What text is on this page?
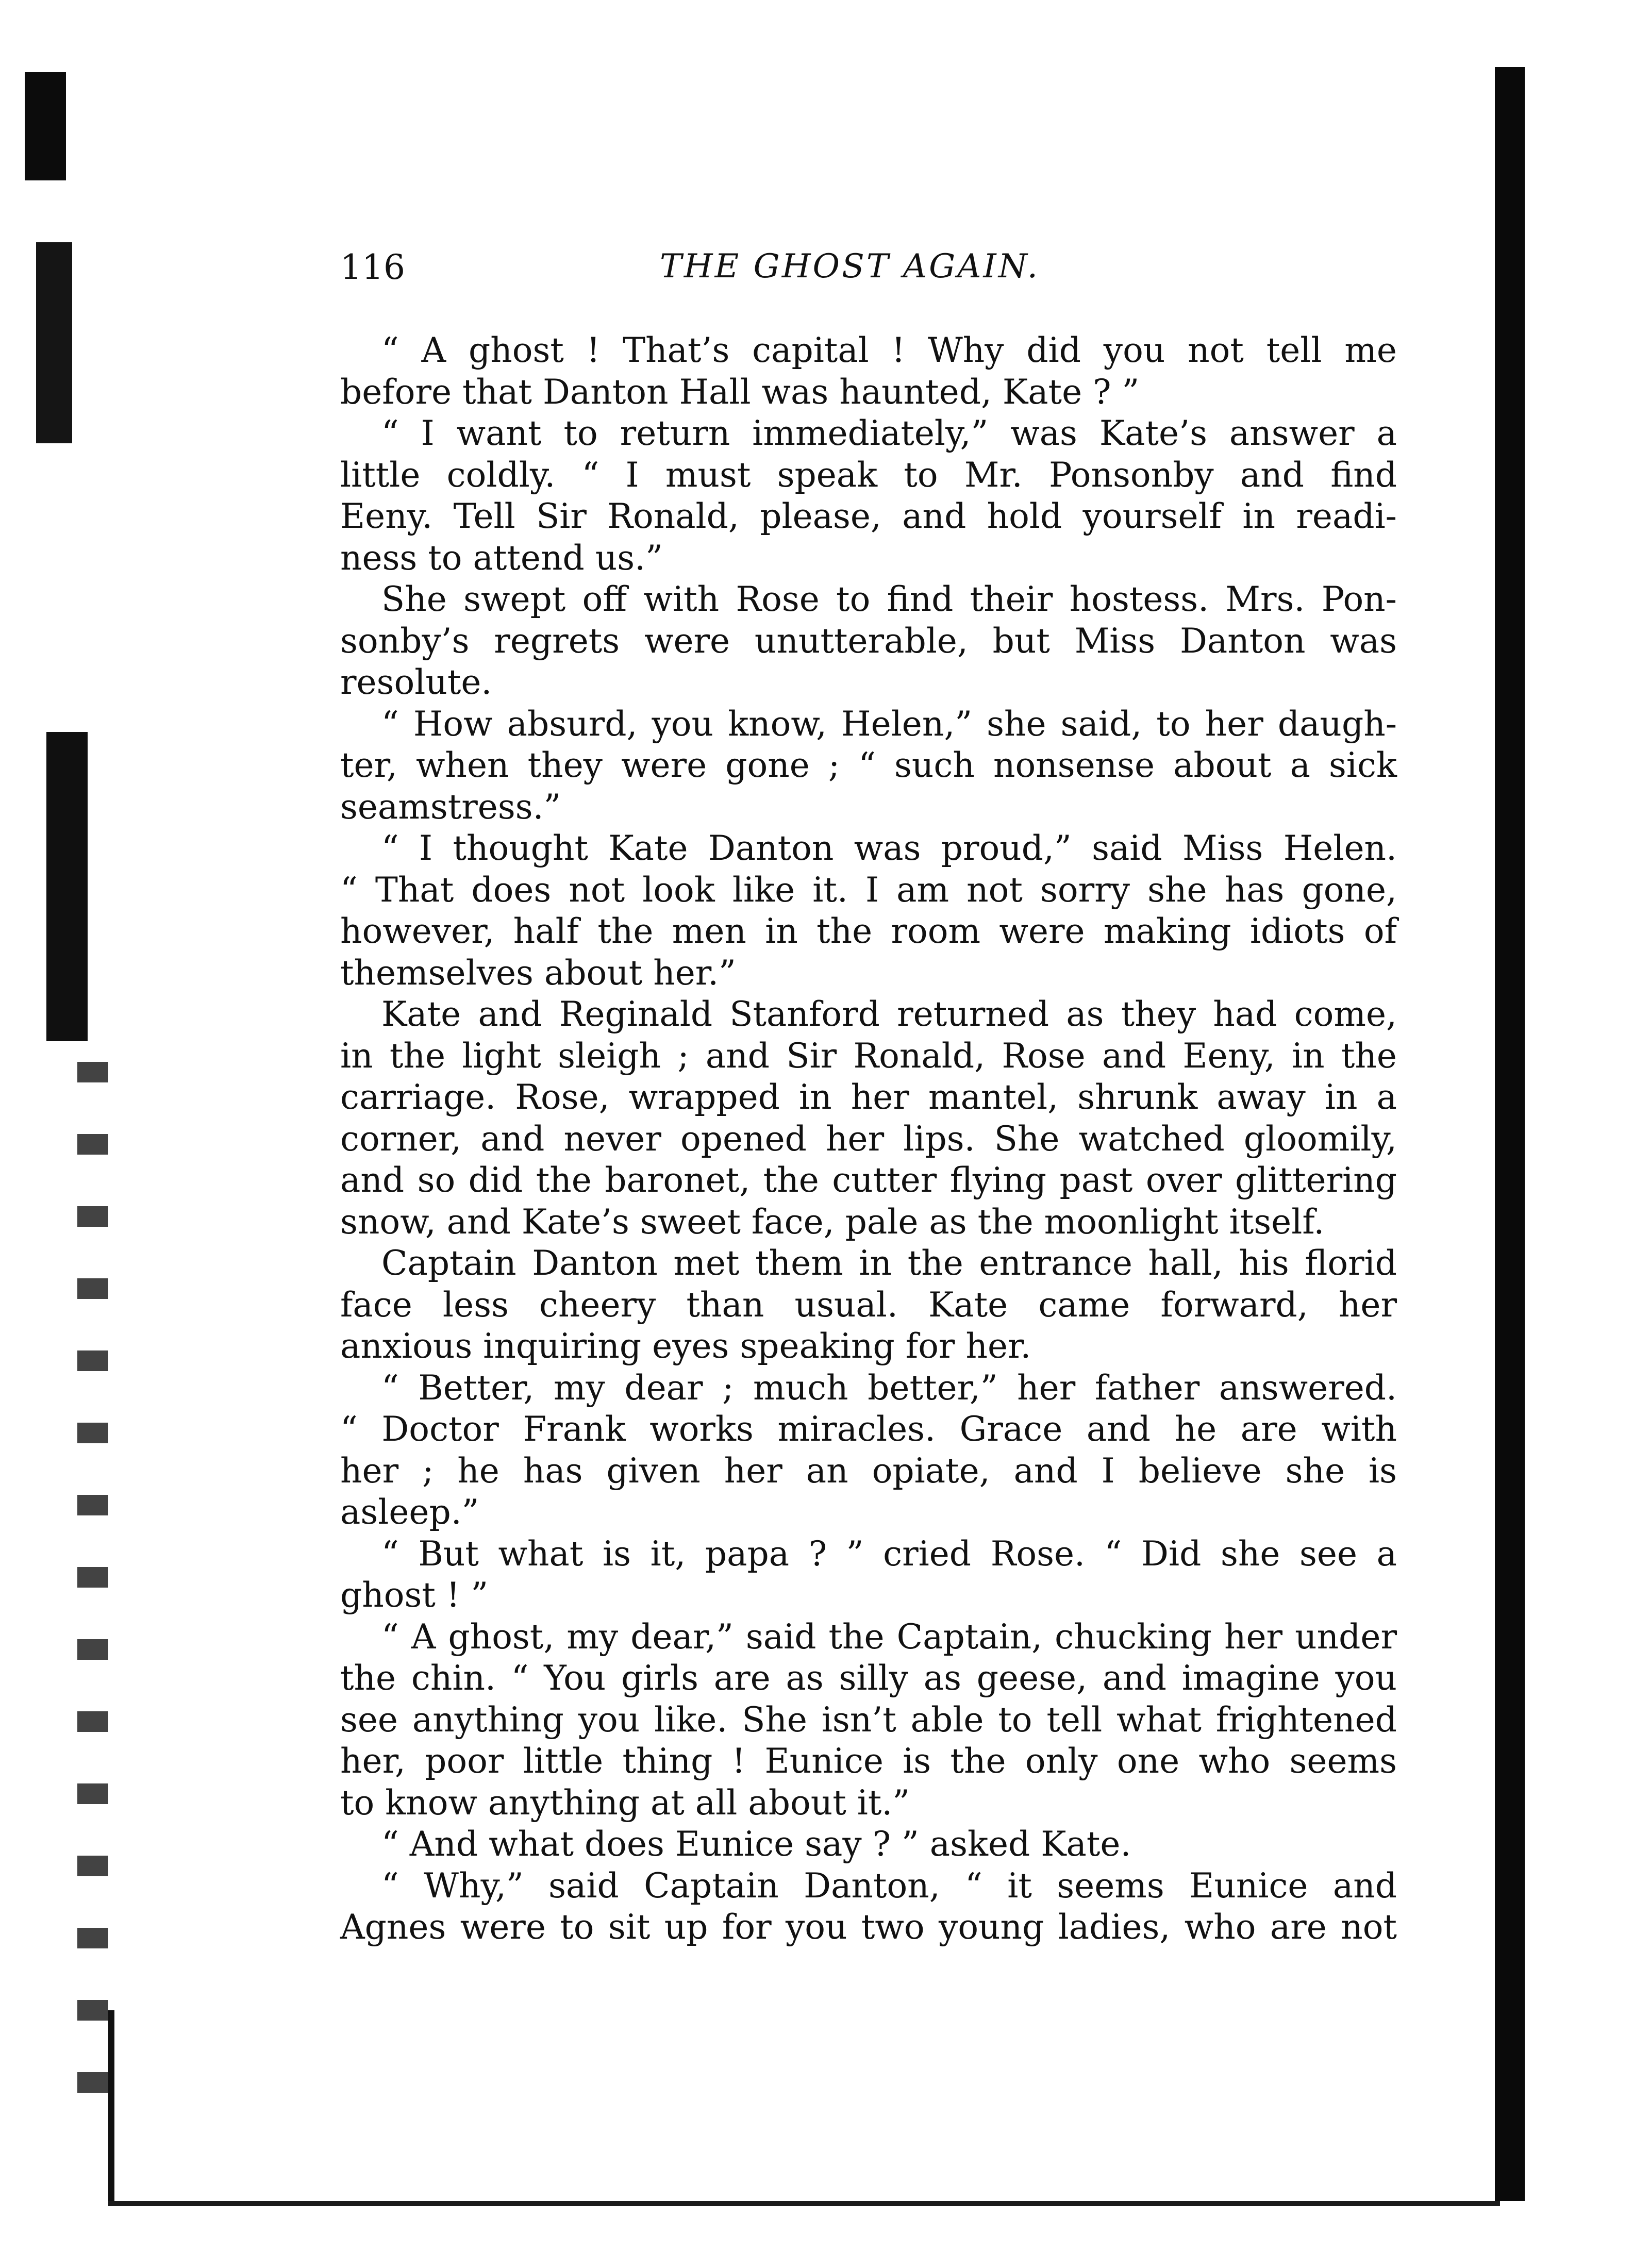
116	THE GHOST AGAIN.
“ A ghost ! That’s capital ! Why did you not tell me
before that Danton Hall was haunted, Kate ? ”
“ I want to return immediately,” was Kate’s answer a
little coldly. “ I must speak to Mr. Ponsonby and find
Eeny. Tell Sir Ronald, please, and hold yourself in readi-
ness to attend us.”
She swept off with Rose to find their hostess. Mrs. Pon-
sonby’s regrets were unutterable, but Miss Danton was
resolute.
“ How absurd, you know, Helen,” she said, to her daugh-
ter, when they were gone ; “ such nonsense about a sick
seamstress.”
“ I thought Kate Danton was proud,” said Miss Helen.
“ That does not look like it. I am not sorry she has gone,
however, half the men in the room were making idiots of
themselves about her.”
Kate and Reginald Stanford returned as they had come,
in the light sleigh ; and Sir Ronald, Rose and Eeny, in the
carriage. Rose, wrapped in her mantel, shrunk away in a
corner, and never opened her lips. She watched gloomily,
and so did the baronet, the cutter flying past over glittering
snow, and Kate’s sweet face, pale as the moonlight itself.
Captain Danton met them in the entrance hall, his florid
face less cheery than usual. Kate came forward, her
anxious inquiring eyes speaking for her.
“ Better, my dear ; much better,” her father answered.
“ Doctor Frank works miracles. Grace and he are with
her ; he has given her an opiate, and I believe she is
asleep.”
“ But what is it, papa ? ” cried Rose. “ Did she see a
ghost ! ”
“ A ghost, my dear,” said the Captain, chucking her under
the chin. “ You girls are as silly as geese, and imagine you
see anything you like. She isn’t able to tell what frightened
her, poor little thing ! Eunice is the only one who seems
to know anything at all about it.”
“ And what does Eunice say ? ” asked Kate.
“ Why,” said Captain Danton, “ it seems Eunice and
Agnes were to sit up for you two young ladies, who are not
